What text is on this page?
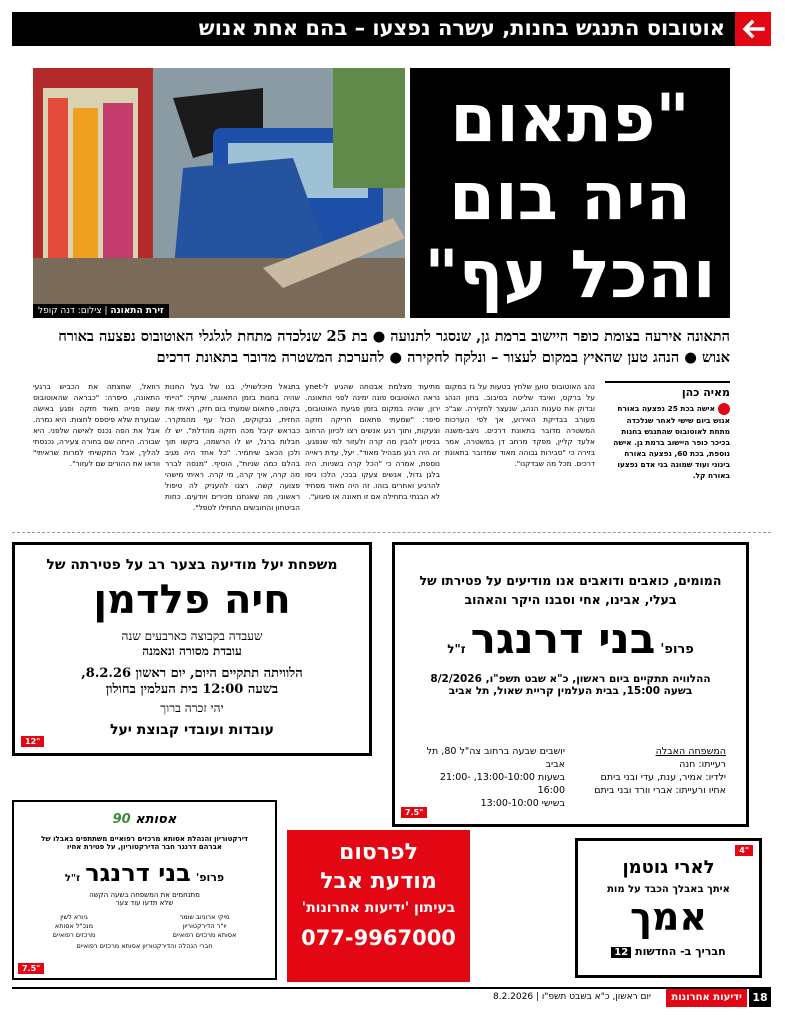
אוטובוס התנגש בחנות, עשרה נפצעו – בהם אחת אנוש
זירת התאונה | צילום: דנה קופל
"פתאום
היה בום
והכל עף"
התאונה אירעה בצומת כופר היישוב ברמת גן, שנסגר לתנועה ● בת 25 שנלכדה מתחת לגלגלי האוטובוס נפצעה באורח אנוש ● הנהג טען שהאיץ במקום לעצור – ונלקח לחקירה ● להערכת המשטרה מדובר בתאונת דרכים
מאיה כהן
אישה בכת 25 נפצעה באורח אנוש ביום שישי לאחר שנלכדה מתחת לאוטובוס שהתנגש בחנות בכיכר כופר היישוב ברמת גן. אישה נוספת, בכת 60, נפצעה באורח בינוני ועוד שמונה בני אדם נפצעו באורח קל.
נהג האוטובוס טוען שלחץ בטעות על גז במקום על ברקס, ואיבד שליטה בסיבוב. בחון הנהג ובדוק את טענות הנהג, שנעצר לחקירה. שב"כ מעורב בבדיקת האירוע, אך לפי הערכות המשטרה מדובר בתאונת דרכים. ניצב-משנה אלעד קליין, מפקד מרחב דן במשטרה, אמר בזירה כי "סבירות גבוהה מאוד שמדובר בתאונת דרכים. מכל מה שבדקנו".
מתיעוד מצלמת אבטחה שהגיע ל-ynet נראה האוטובוס פונה ימינה לפני התאונה. ירון, שהיה במקום בזמן פגיעת האוטובוס, סיפר: "שמעתי פתאום חריקה חזקה וצעקות, ותוך רגע אנשים רצו לכיוון הרחוב בניסיון להבין מה קרה ולעזור למי שנפגע. זה היה רגע מבהיל מאוד". יעל, עדת ראייה נוספת, אמרה כי "הכל קרה בשניות. היה בלגן גדול, אנשים צעקו בבכי, הלכו ניסו להרגיע ואחרים בוהו. זה היה מאוד מפחיד לא הבנתי בתחילה אם זו תאונה או פיגוע".
בתגאל מיכלשוילי, בנו של בעל החנות שהיה בחנות בזמן התאונה, שיתף: "הייתי בקופה, פתאום שמעתי בום חזק, ראיתי את החזית, נבקוקים, הכול עף מהמקרר. כבראש קיבל מכה חזקה מהדלת". יש לו חבלות ברגל, יש לו הרשמה, ביקשו תוך ולכן הכאב שיחמיר. "כל אחד היה מגיב בהלם כמה שניות", הוסיף. "מנסה לברר מה קרה, איך קרה, מי קרה. ראיתי מישהי פצועה קשה. רצנו להעניק לה טיפול ראשוני, מה שאנחנו מכירים ויודעים. כחות הביטחון והחובשים התחילו לטפל".
רוזאל, שחצתה את הכביש ברגעי התאונה, סיפרה: "כבראה שהאוטובוס עשה פנייה מאוד חזקה ופגע באישה שבוערת שלא פיספס לחצות. היא נמרה. אבל את הפה נכנס לאישה שלפני. היא שבורה. הייתה שם בחורה צעירה, נכנסתי להליך, אבל התקשיתי למרות שראיתי" ווראו את ההורים שם לעזור".
משפחת יעל מודיעה בצער רב על פטירתה של
חיה פלדמן
שעבדה בקבוצה כארבעים שנה
עובדת מסורה ונאמנה
הלוויתה תתקיים היום, יום ראשון 8.2.26,
בשעה 12:00 בית העלמין בחולון
יהי זכרה ברוך
עובדות ועובדי קבוצת יעל
12"
המומים, כואבים ודואבים אנו מודיעים על פטירתו של
בעלי, אבינו, אחי וסבנו היקר והאהוב
פרופ' בני דרנגר ז"ל
ההלוויה תתקיים ביום ראשון, כ"א שבט תשפ"ו, 8/2/2026
בשעה 15:00, בבית העלמין קריית שאול, תל אביב
יושבים שבעה ברחוב צה"ל 80, תל אביב
בשעות 13:00-10:00, 21:00-16:00
בשישי 13:00-10:00
המשפחה האבלה
רעייתו: חנה
ילדיו: אמיר, ענת, עדי ובני ביתם
אחיו ורעייתו: אברי וורד ובני ביתם
7.5"
אסותא 90
דירקטוריון והנהלת אסותא מרכזים רפואיים משתתפים באבלו של
אברהם דרנגר חבר הדירקטוריון, על פטירת אחיו
פרופ' בני דרנגר ז"ל
מתנחמים את המשפחה בשעה הקשה
שלא תדעו עוד צער
מיקי ארוניוב שומר
יו"ר הדירקטוריון
אסותא מרכזים רפואיים
גיורא לשין
מנכ"ל אסותא
מרכזים רפואיים
חברי הנהלה והדירקטוריון אסותא מרכזים רפואיים
7.5"
לפרסום
מודעת אבל
בעיתון 'ידיעות אחרונות'
077-9967000
4"
לארי גוטמן
איתך באבלך הכבד על מות
אמך
חבריך ב- החדשות 12
18
ידיעות אחרונות
יום ראשון, כ"א בשבט תשפ"ו | 8.2.2026
